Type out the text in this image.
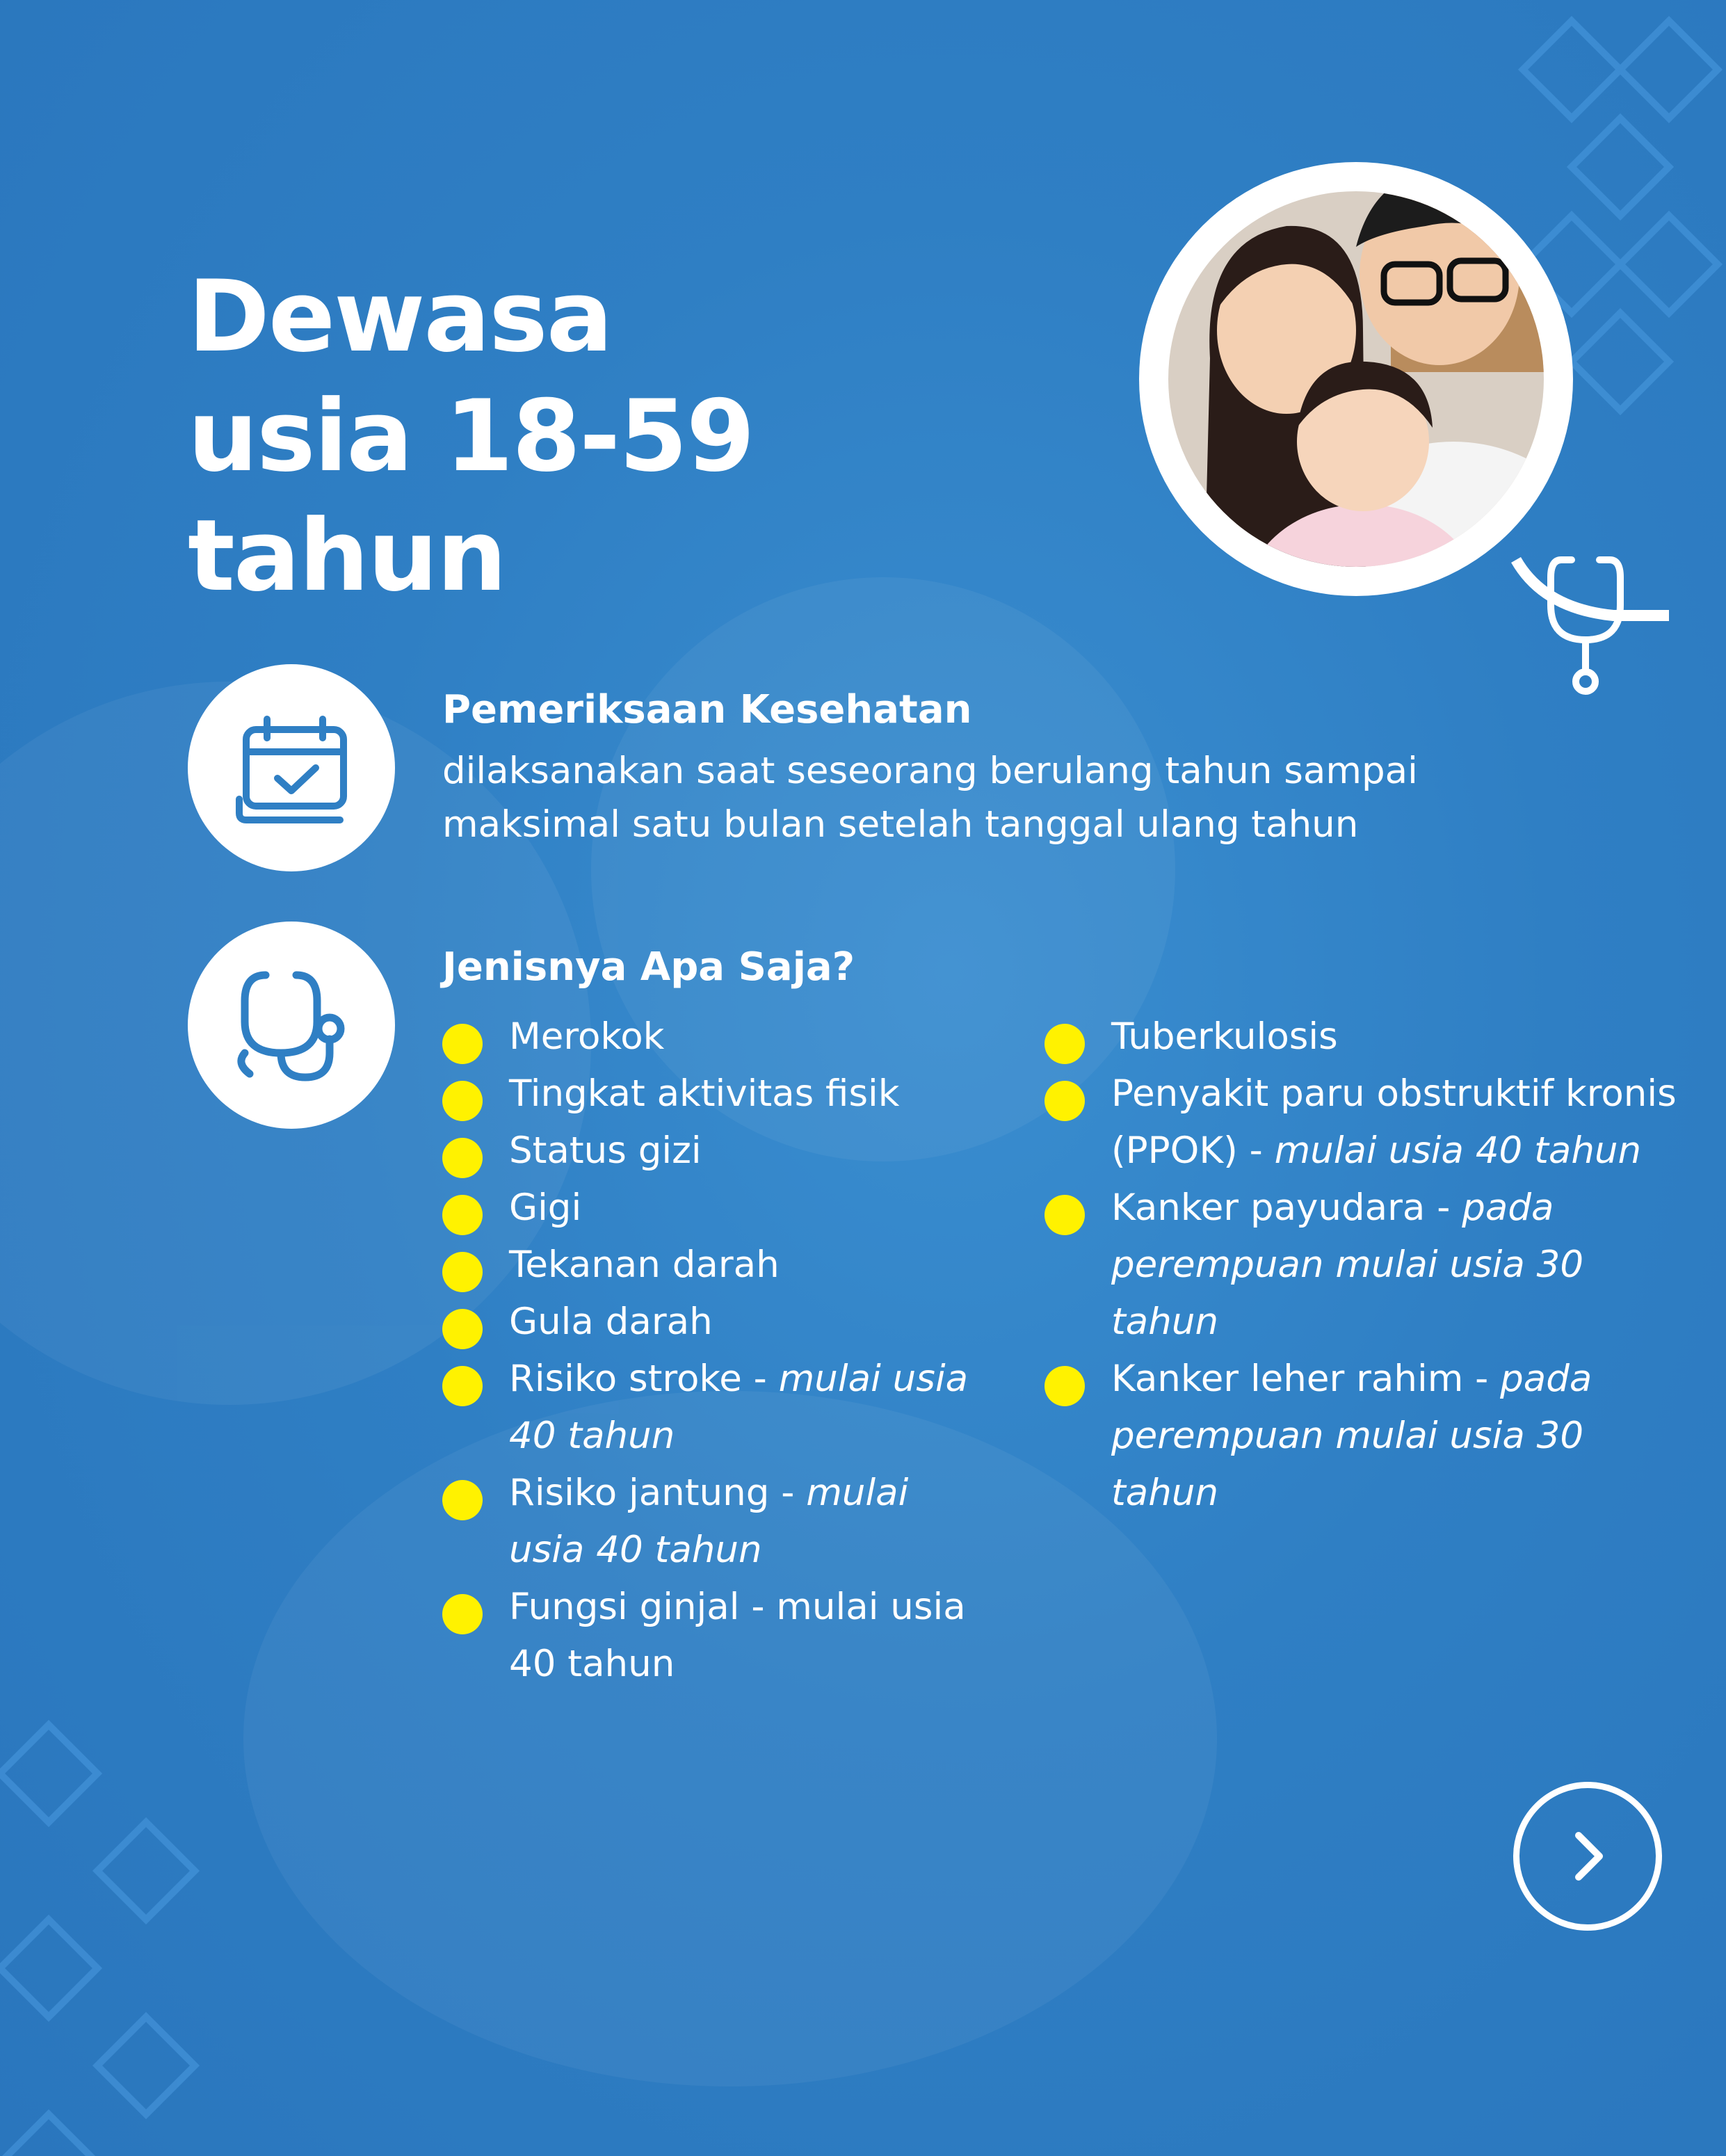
Dewasa
usia 18-59
tahun
Pemeriksaan Kesehatan

dilaksanakan saat seseorang berulang tahun sampai
maksimal satu bulan setelah tanggal ulang tahun

Jenisnya Apa Saja?
Merokok
Tingkat aktivitas fisik
Status gizi
Gigi
Tekanan darah
Gula darah
Risiko stroke - mulai usia 40 tahun
Risiko jantung - mulai usia 40 tahun
Fungsi ginjal - mulai usia 40 tahun
Tuberkulosis
Penyakit paru obstruktif kronis (PPOK) - mulai usia 40 tahun
Kanker payudara - pada perempuan mulai usia 30 tahun
Kanker leher rahim - pada perempuan mulai usia 30 tahun
